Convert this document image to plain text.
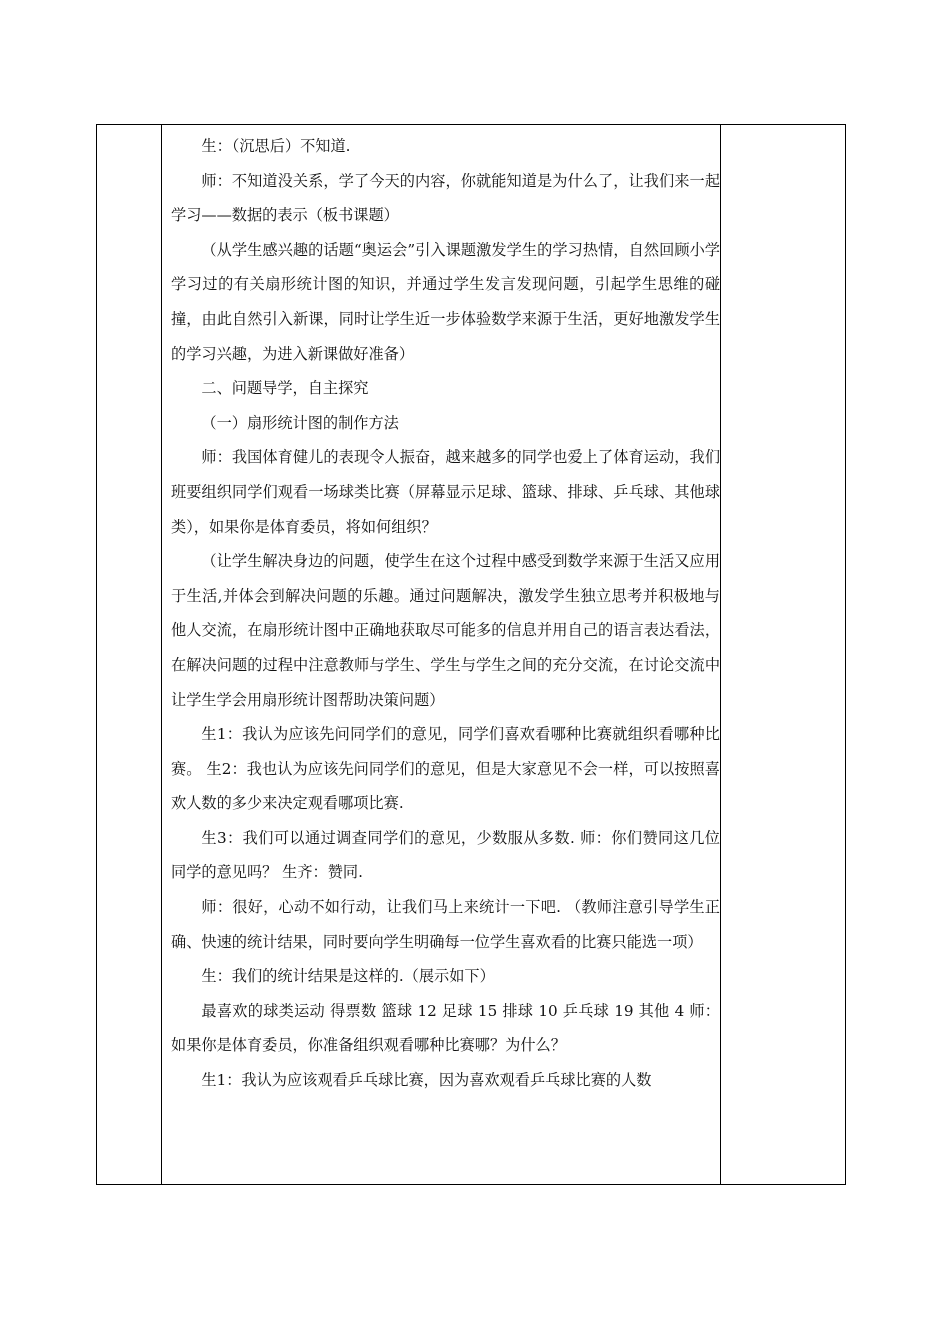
生：（沉思后）不知道.

师：不知道没关系，学了今天的内容，你就能知道是为什么了，让我们来一起学习——数据的表示（板书课题）

（从学生感兴趣的话题“奥运会”引入课题激发学生的学习热情，自然回顾小学学习过的有关扇形统计图的知识，并通过学生发言发现问题，引起学生思维的碰撞，由此自然引入新课，同时让学生近一步体验数学来源于生活，更好地激发学生的学习兴趣，为进入新课做好准备）

二、问题导学，自主探究

（一）扇形统计图的制作方法

师：我国体育健儿的表现令人振奋，越来越多的同学也爱上了体育运动，我们班要组织同学们观看一场球类比赛（屏幕显示足球、篮球、排球、乒乓球、其他球类），如果你是体育委员，将如何组织？

（让学生解决身边的问题，使学生在这个过程中感受到数学来源于生活又应用于生活,并体会到解决问题的乐趣。通过问题解决，激发学生独立思考并积极地与他人交流，在扇形统计图中正确地获取尽可能多的信息并用自己的语言表达看法，在解决问题的过程中注意教师与学生、学生与学生之间的充分交流，在讨论交流中让学生学会用扇形统计图帮助决策问题）

生1：我认为应该先问同学们的意见，同学们喜欢看哪种比赛就组织看哪种比赛。 生2：我也认为应该先问同学们的意见，但是大家意见不会一样，可以按照喜欢人数的多少来决定观看哪项比赛.

生3：我们可以通过调查同学们的意见，少数服从多数. 师：你们赞同这几位同学的意见吗？ 生齐：赞同.

师：很好，心动不如行动，让我们马上来统计一下吧. （教师注意引导学生正确、快速的统计结果，同时要向学生明确每一位学生喜欢看的比赛只能选一项）

生：我们的统计结果是这样的.（展示如下）

最喜欢的球类运动 得票数 篮球 12 足球 15 排球 10 乒乓球 19 其他 4 师：如果你是体育委员，你准备组织观看哪种比赛哪？为什么？

生1：我认为应该观看乒乓球比赛，因为喜欢观看乒乓球比赛的人数
